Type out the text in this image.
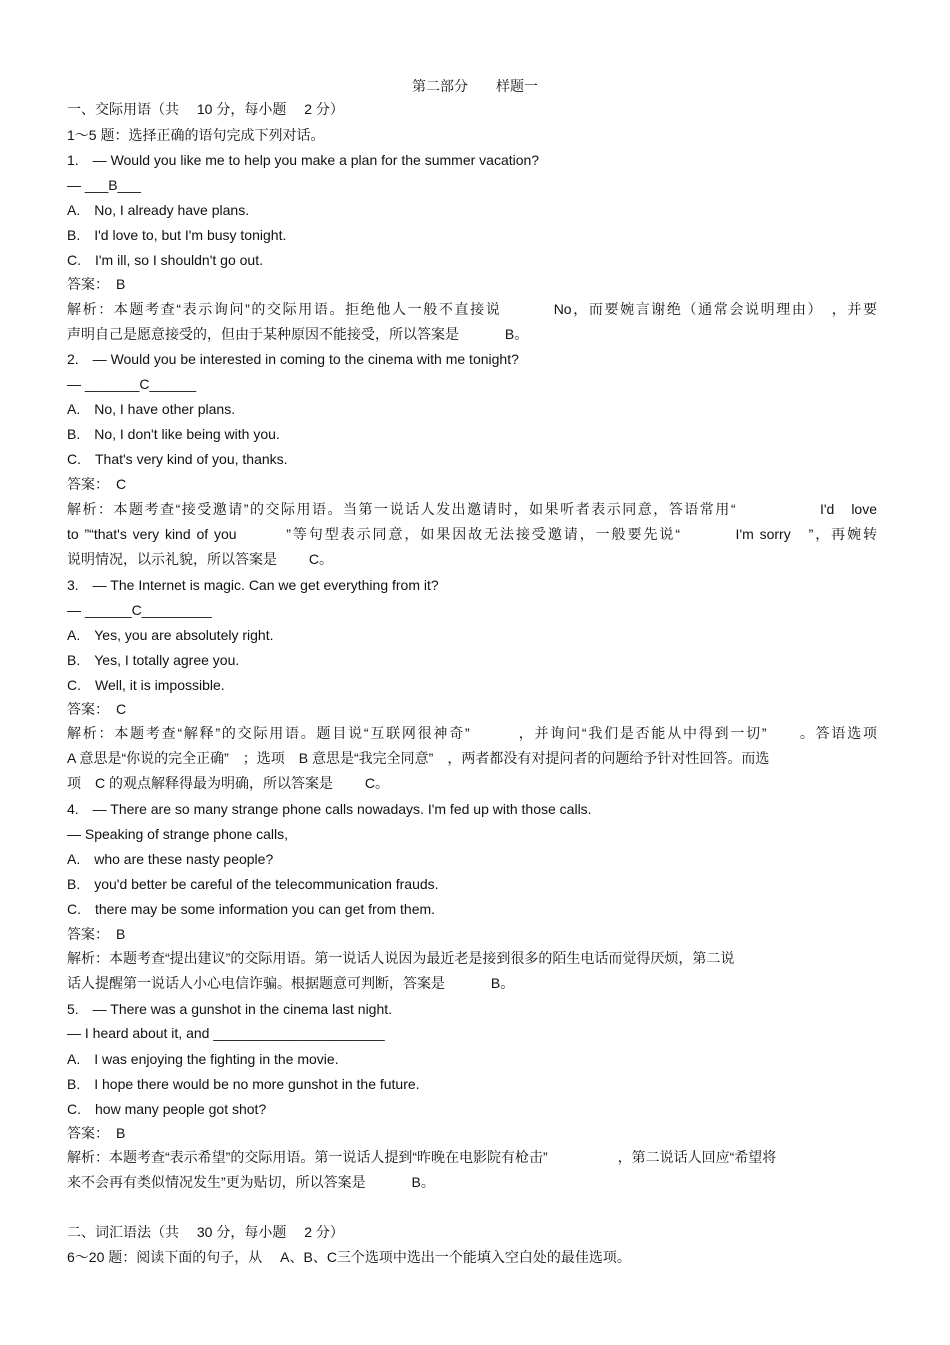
第二部分　　样题一
一、交际用语（共　 10 分，每小题　 2 分）
1～5 题：选择正确的语句完成下列对话。
1.　— Would you like me to help you make a plan for the summer vacation?
— ___B___
A.　No, I already have plans.
B.　I'd love to, but I'm busy tonight.
C.　I'm ill, so I shouldn't go out.
答案：　B
解析：本题考查“表示询问”的交际用语。拒绝他人一般不直接说　　　 No，而要婉言谢绝（通常会说明理由）　，并要
声明自己是愿意接受的，但由于某种原因不能接受，所以答案是　　　 B。
2.　— Would you be interested in coming to the cinema with me tonight?
— _______C______
A.　No, I have other plans.
B.　No, I don't like being with you.
C.　That's very kind of you, thanks.
答案：　C
解析：本题考查“接受邀请”的交际用语。当第一说话人发出邀请时，如果听者表示同意，答语常用“　　　　　 I'd　love
to ”“that's very kind of you　　　”等句型表示同意，如果因故无法接受邀请，一般要先说“　　　 I'm sorry　”，再婉转
说明情况，以示礼貌，所以答案是　　 C。
3.　— The Internet is magic. Can we get everything from it?
— ______C_________
A.　Yes, you are absolutely right.
B.　Yes, I totally agree you.
C.　Well, it is impossible.
答案：　C
解析：本题考查“解释”的交际用语。题目说“互联网很神奇”　　　，并询问“我们是否能从中得到一切”　　。答语选项
A 意思是“你说的完全正确”　；选项　B 意思是“我完全同意”　，两者都没有对提问者的问题给予针对性回答。而选
项　C 的观点解释得最为明确，所以答案是　　 C。
4.　— There are so many strange phone calls nowadays. I'm fed up with those calls.
— Speaking of strange phone calls,
A.　who are these nasty people?
B.　you'd better be careful of the telecommunication frauds.
C.　there may be some information you can get from them.
答案：　B
解析：本题考查“提出建议”的交际用语。第一说话人说因为最近老是接到很多的陌生电话而觉得厌烦，第二说
话人提醒第一说话人小心电信诈骗。根据题意可判断，答案是　　　 B。
5.　— There was a gunshot in the cinema last night.
— I heard about it, and ______________________
A.　I was enjoying the fighting in the movie.
B.　I hope there would be no more gunshot in the future.
C.　how many people got shot?
答案：　B
解析：本题考查“表示希望”的交际用语。第一说话人提到“昨晚在电影院有枪击”　　　　　，第二说话人回应“希望将
来不会再有类似情况发生”更为贴切，所以答案是　　　 B。
二、词汇语法（共　 30 分，每小题　 2 分）
6～20 题：阅读下面的句子，从　 A、B、C三个选项中选出一个能填入空白处的最佳选项。
